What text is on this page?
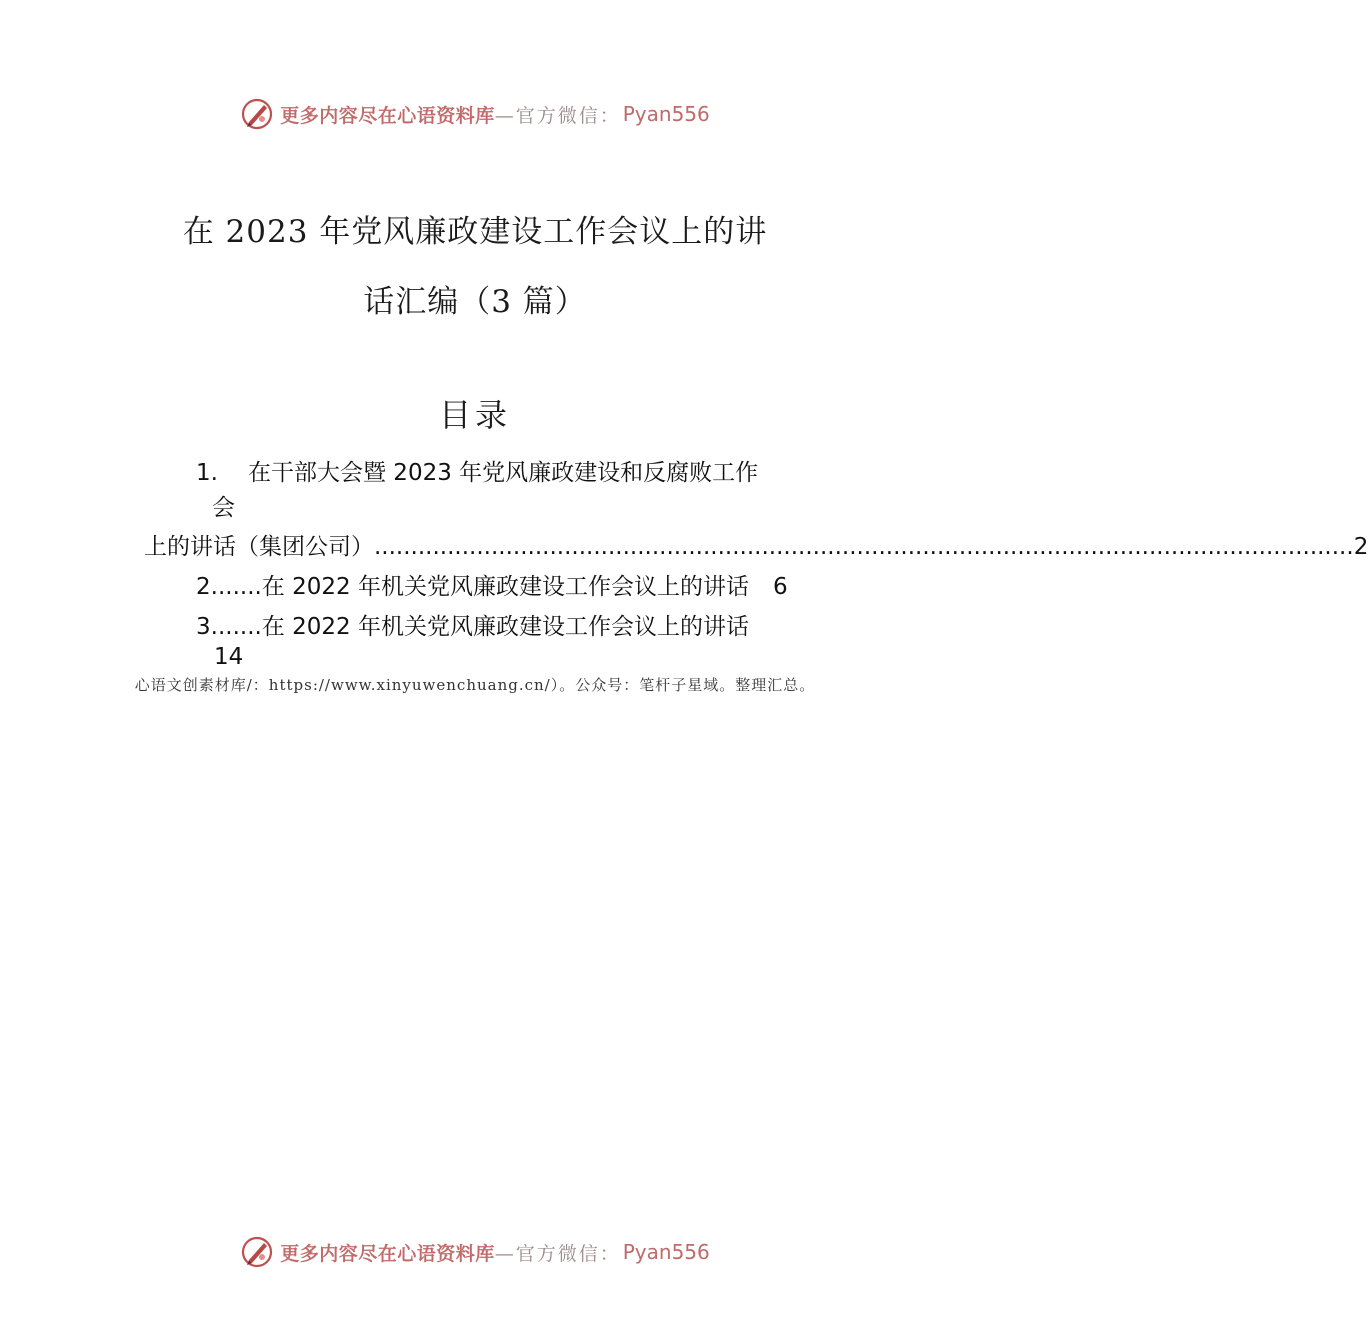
更多内容尽在心语资料库 —官方微信： Pyan556
在 2023 年党风廉政建设工作会议上的讲
话汇编（3 篇）
目录
1. 在干部大会暨 2023 年党风廉政建设和反腐败工作
会
上的讲话（集团公司） ...................................................................................................................................... 2
2.......在 2022 年机关党风廉政建设工作会议上的讲话 6
3.......在 2022 年机关党风廉政建设工作会议上的讲话
14
心语文创素材库/：https://www.xinyuwenchuang.cn/）。公众号：笔杆子星域。整理汇总。
更多内容尽在心语资料库 —官方微信： Pyan556
